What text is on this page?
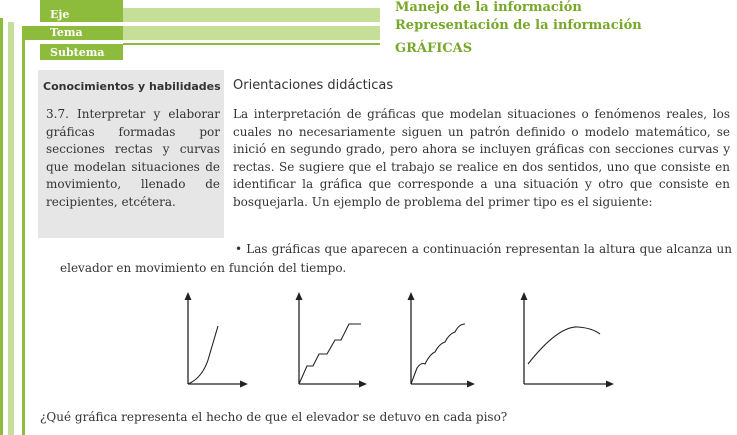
Eje
Tema
Subtema
Manejo de la información
Representación de la información
GRÁFICAS
Conocimientos y habilidades
3.7. Interpretar y elaborar gráficas formadas por secciones rectas y curvas que modelan situaciones de movimiento, llenado de recipientes, etcétera.
Orientaciones didácticas
La interpretación de gráficas que modelan situaciones o fenómenos reales, los cuales no necesariamente siguen un patrón definido o modelo matemático, se inició en segundo grado, pero ahora se incluyen gráficas con secciones curvas y rectas. Se sugiere que el trabajo se realice en dos sentidos, uno que consiste en identificar la gráfica que corresponde a una situación y otro que consiste en bosquejarla. Un ejemplo de problema del primer tipo es el siguiente:
• Las gráficas que aparecen a continuación representan la altura que alcanza un elevador en movimiento en función del tiempo.
¿Qué gráfica representa el hecho de que el elevador se detuvo en cada piso?
